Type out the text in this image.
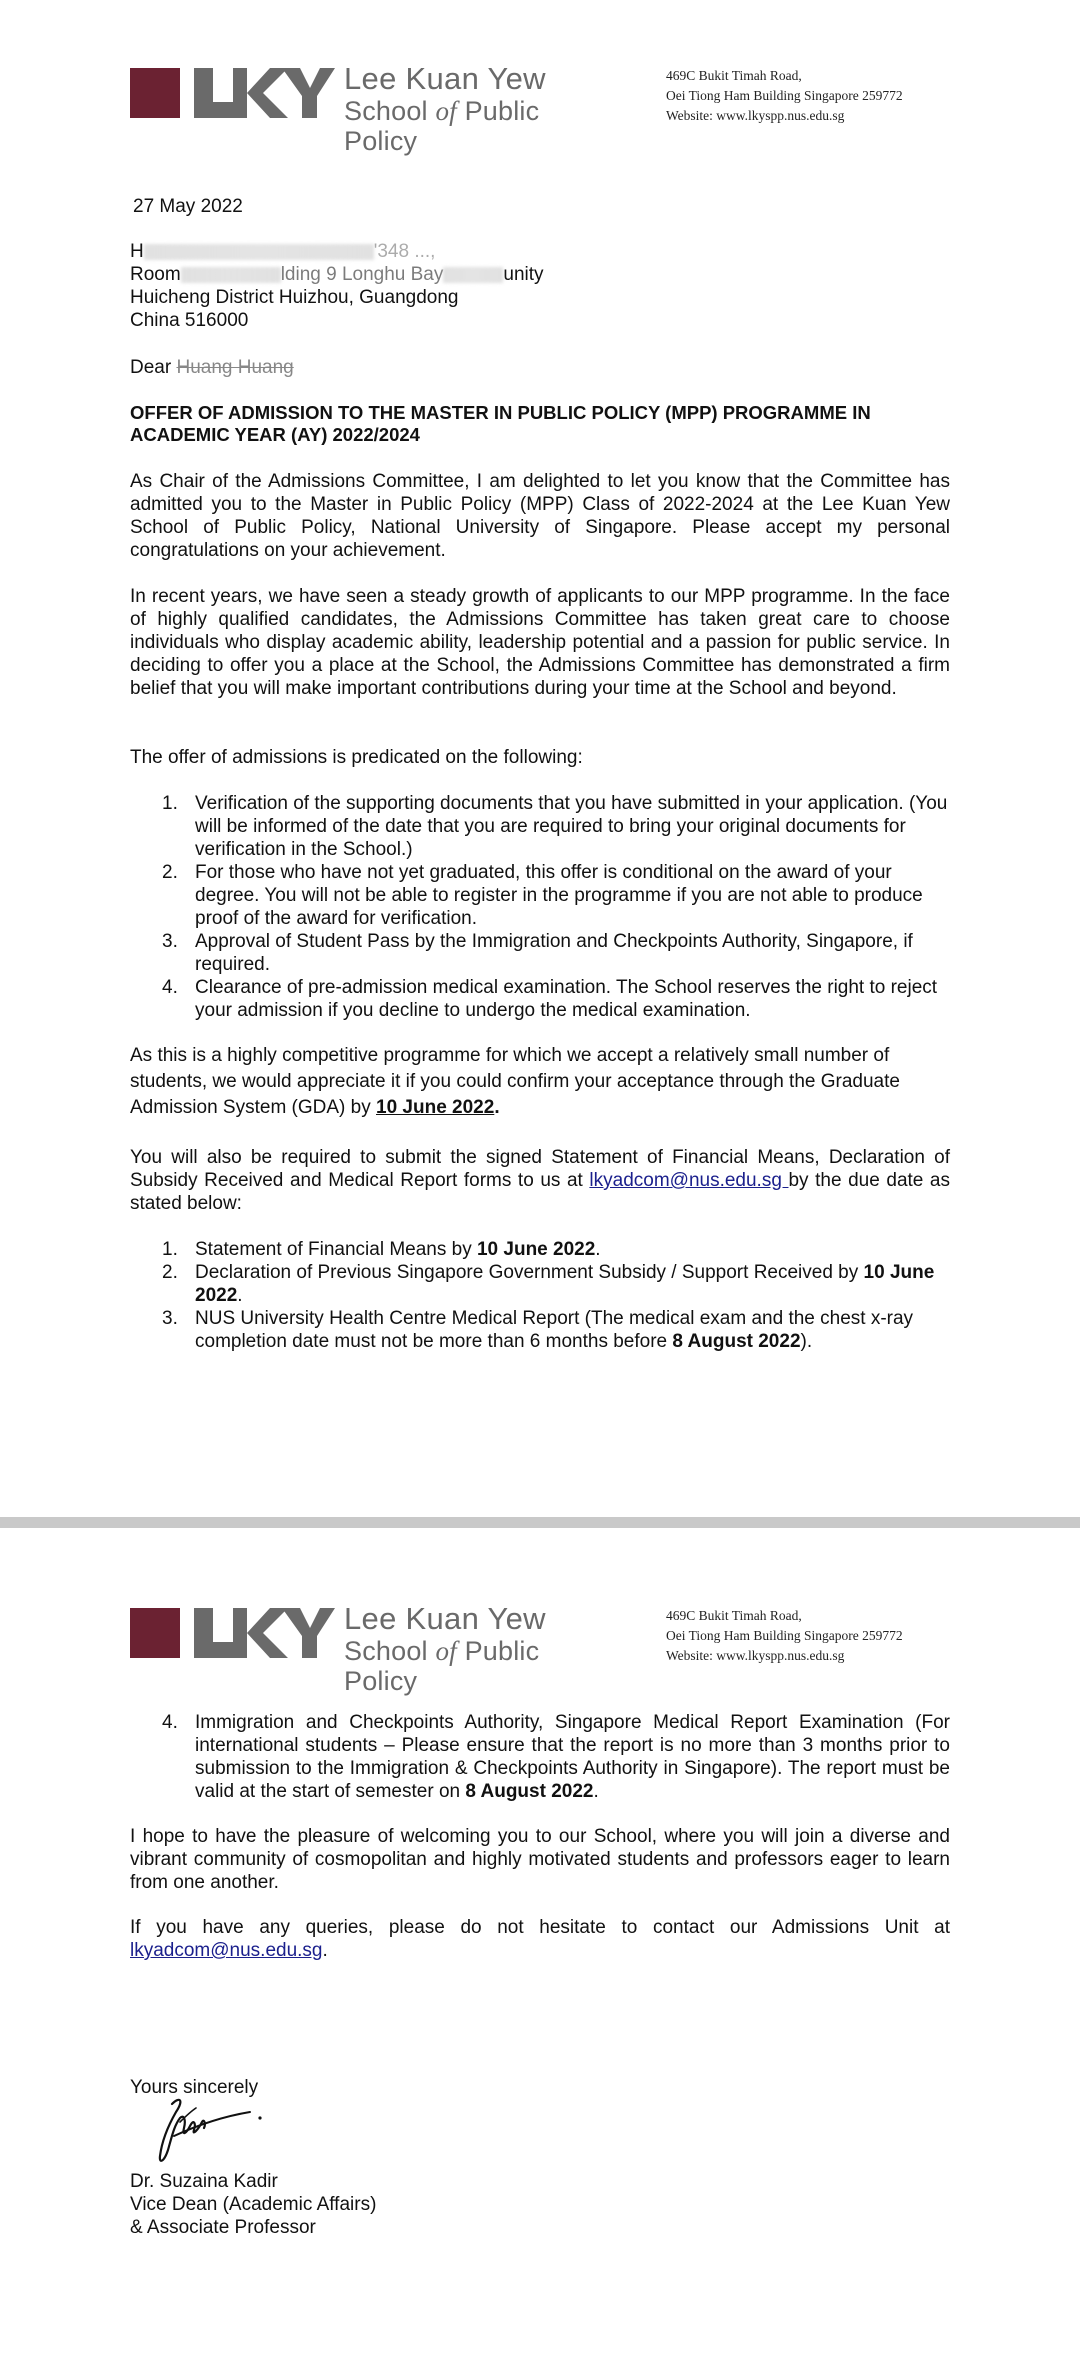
Lee Kuan Yew
School of Public Policy
469C Bukit Timah Road,
Oei Tiong Ham Building Singapore 259772
Website: www.lkyspp.nus.edu.sg
27 May 2022
H	'348 ...,
Room	lding 9 Longhu Bay	unity
Huicheng District Huizhou, Guangdong
China 516000
Dear Huang Huang
OFFER OF ADMISSION TO THE MASTER IN PUBLIC POLICY (MPP) PROGRAMME IN ACADEMIC YEAR (AY) 2022/2024
As Chair of the Admissions Committee, I am delighted to let you know that the Committee has admitted you to the Master in Public Policy (MPP) Class of 2022-2024 at the Lee Kuan Yew School of Public Policy, National University of Singapore. Please accept my personal congratulations on your achievement.
In recent years, we have seen a steady growth of applicants to our MPP programme. In the face of highly qualified candidates, the Admissions Committee has taken great care to choose individuals who display academic ability, leadership potential and a passion for public service. In deciding to offer you a place at the School, the Admissions Committee has demonstrated a firm belief that you will make important contributions during your time at the School and beyond.
The offer of admissions is predicated on the following:
1. Verification of the supporting documents that you have submitted in your application. (You will be informed of the date that you are required to bring your original documents for verification in the School.)
2. For those who have not yet graduated, this offer is conditional on the award of your degree. You will not be able to register in the programme if you are not able to produce proof of the award for verification.
3. Approval of Student Pass by the Immigration and Checkpoints Authority, Singapore, if required.
4. Clearance of pre-admission medical examination. The School reserves the right to reject your admission if you decline to undergo the medical examination.
As this is a highly competitive programme for which we accept a relatively small number of students, we would appreciate it if you could confirm your acceptance through the Graduate Admission System (GDA) by 10 June 2022.
You will also be required to submit the signed Statement of Financial Means, Declaration of Subsidy Received and Medical Report forms to us at lkyadcom@nus.edu.sg by the due date as stated below:
1. Statement of Financial Means by 10 June 2022.
2. Declaration of Previous Singapore Government Subsidy / Support Received by 10 June 2022.
3. NUS University Health Centre Medical Report (The medical exam and the chest x-ray completion date must not be more than 6 months before 8 August 2022).
Lee Kuan Yew
School of Public Policy
469C Bukit Timah Road,
Oei Tiong Ham Building Singapore 259772
Website: www.lkyspp.nus.edu.sg
4. Immigration and Checkpoints Authority, Singapore Medical Report Examination (For international students – Please ensure that the report is no more than 3 months prior to submission to the Immigration & Checkpoints Authority in Singapore). The report must be valid at the start of semester on 8 August 2022.
I hope to have the pleasure of welcoming you to our School, where you will join a diverse and vibrant community of cosmopolitan and highly motivated students and professors eager to learn from one another.
If you have any queries, please do not hesitate to contact our Admissions Unit at lkyadcom@nus.edu.sg.
Yours sincerely
Dr. Suzaina Kadir
Vice Dean (Academic Affairs)
& Associate Professor
